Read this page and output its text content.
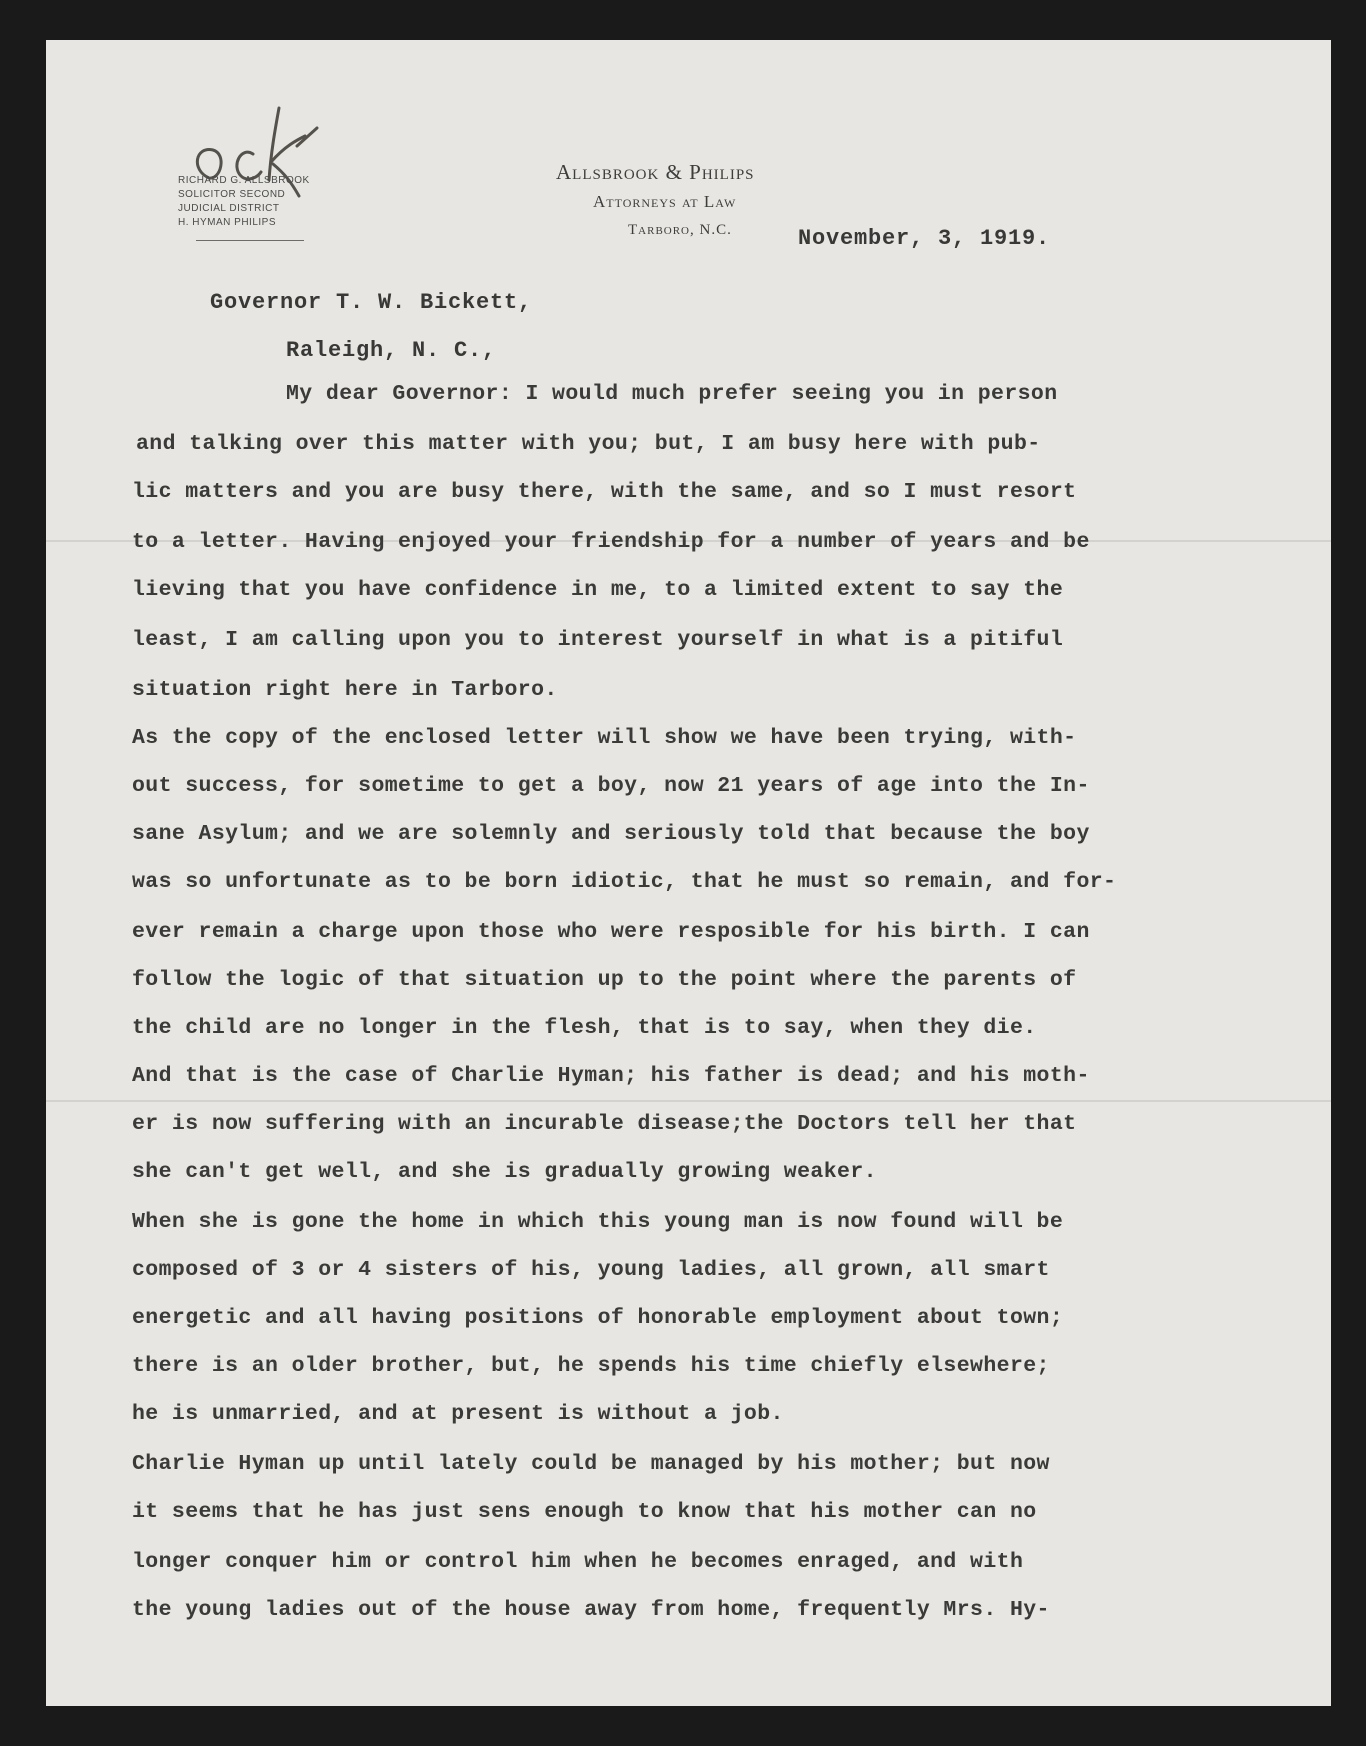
RICHARD G. ALLSBROOK
SOLICITOR SECOND
JUDICIAL DISTRICT
H. HYMAN PHILIPS
Allsbrook & Philips
Attorneys at Law
Tarboro, N.C.	November, 3, 1919.
Governor T. W. Bickett,
Raleigh, N. C.,
My dear Governor: I would much prefer seeing you in person
and talking over this matter with you; but, I am busy here with pub-
lic matters and you are busy there, with the same, and so I must resort
to a letter. Having enjoyed your friendship for a number of years and be
lieving that you have confidence in me, to a limited extent to say the
least, I am calling upon you to interest yourself in what is a pitiful
situation right here in Tarboro.
As the copy of the enclosed letter will show we have been trying, with-
out success, for sometime to get a boy, now 21 years of age into the In-
sane Asylum; and we are solemnly and seriously told that because the boy
was so unfortunate as to be born idiotic, that he must so remain, and for-
ever remain a charge upon those who were resposible for his birth. I can
follow the logic of that situation up to the point where the parents of
the child are no longer in the flesh, that is to say, when they die.
And that is the case of Charlie Hyman; his father is dead; and his moth-
er is now suffering with an incurable disease;the Doctors tell her that
she can't get well, and she is gradually growing weaker.
When she is gone the home in which this young man is now found will be
composed of 3 or 4 sisters of his, young ladies, all grown, all smart
energetic and all having positions of honorable employment about town;
there is an older brother, but, he spends his time chiefly elsewhere;
he is unmarried, and at present is without a job.
Charlie Hyman up until lately could be managed by his mother; but now
it seems that he has just sens enough to know that his mother can no
longer conquer him or control him when he becomes enraged, and with
the young ladies out of the house away from home, frequently Mrs. Hy-
